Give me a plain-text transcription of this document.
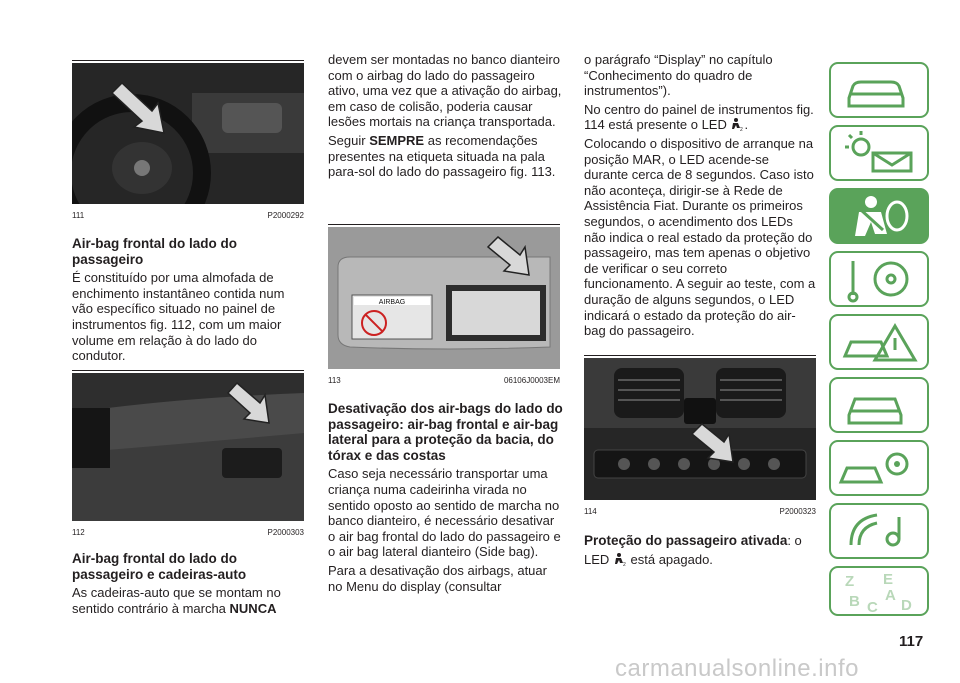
111	P2000292

Air-bag frontal do lado do passageiro

É constituído por uma almofada de enchimento instantâneo contida num vão específico situado no painel de instrumentos fig. 112, com um maior volume em relação à do lado do condutor.

112	P2000303

Air-bag frontal do lado do passageiro e cadeiras-auto

As cadeiras-auto que se montam no sentido contrário à marcha NUNCA

devem ser montadas no banco dianteiro com o airbag do lado do passageiro ativo, uma vez que a ativação do airbag, em caso de colisão, poderia causar lesões mortais na criança transportada.

Seguir SEMPRE as recomendações presentes na etiqueta situada na pala para-sol do lado do passageiro fig. 113.

AIRBAG
113	06106J0003EM

Desativação dos air-bags do lado do passageiro: air-bag frontal e air-bag lateral para a proteção da bacia, do tórax e das costas

Caso seja necessário transportar uma criança numa cadeirinha virada no sentido oposto ao sentido de marcha no banco dianteiro, é necessário desativar o air bag frontal do lado do passageiro e o air bag lateral dianteiro (Side bag).

Para a desativação dos airbags, atuar no Menu do display (consultar

o parágrafo “Display” no capítulo “Conhecimento do quadro de instrumentos”).

No centro do painel de instrumentos fig. 114 está presente o LED 2 .

Colocando o dispositivo de arranque na posição MAR, o LED acende-se durante cerca de 8 segundos. Caso isto não aconteça, dirigir-se à Rede de Assistência Fiat. Durante os primeiros segundos, o acendimento dos LEDs não indica o real estado da proteção do passageiro, mas tem apenas o objetivo de verificar o seu correto funcionamento. A seguir ao teste, com a duração de alguns segundos, o LED indicará o estado da proteção do air-bag do passageiro.

114	P2000323

Proteção do passageiro ativada: o

LED 2 está apagado.

Z E
B A
C D
117
carmanualsonline.info
